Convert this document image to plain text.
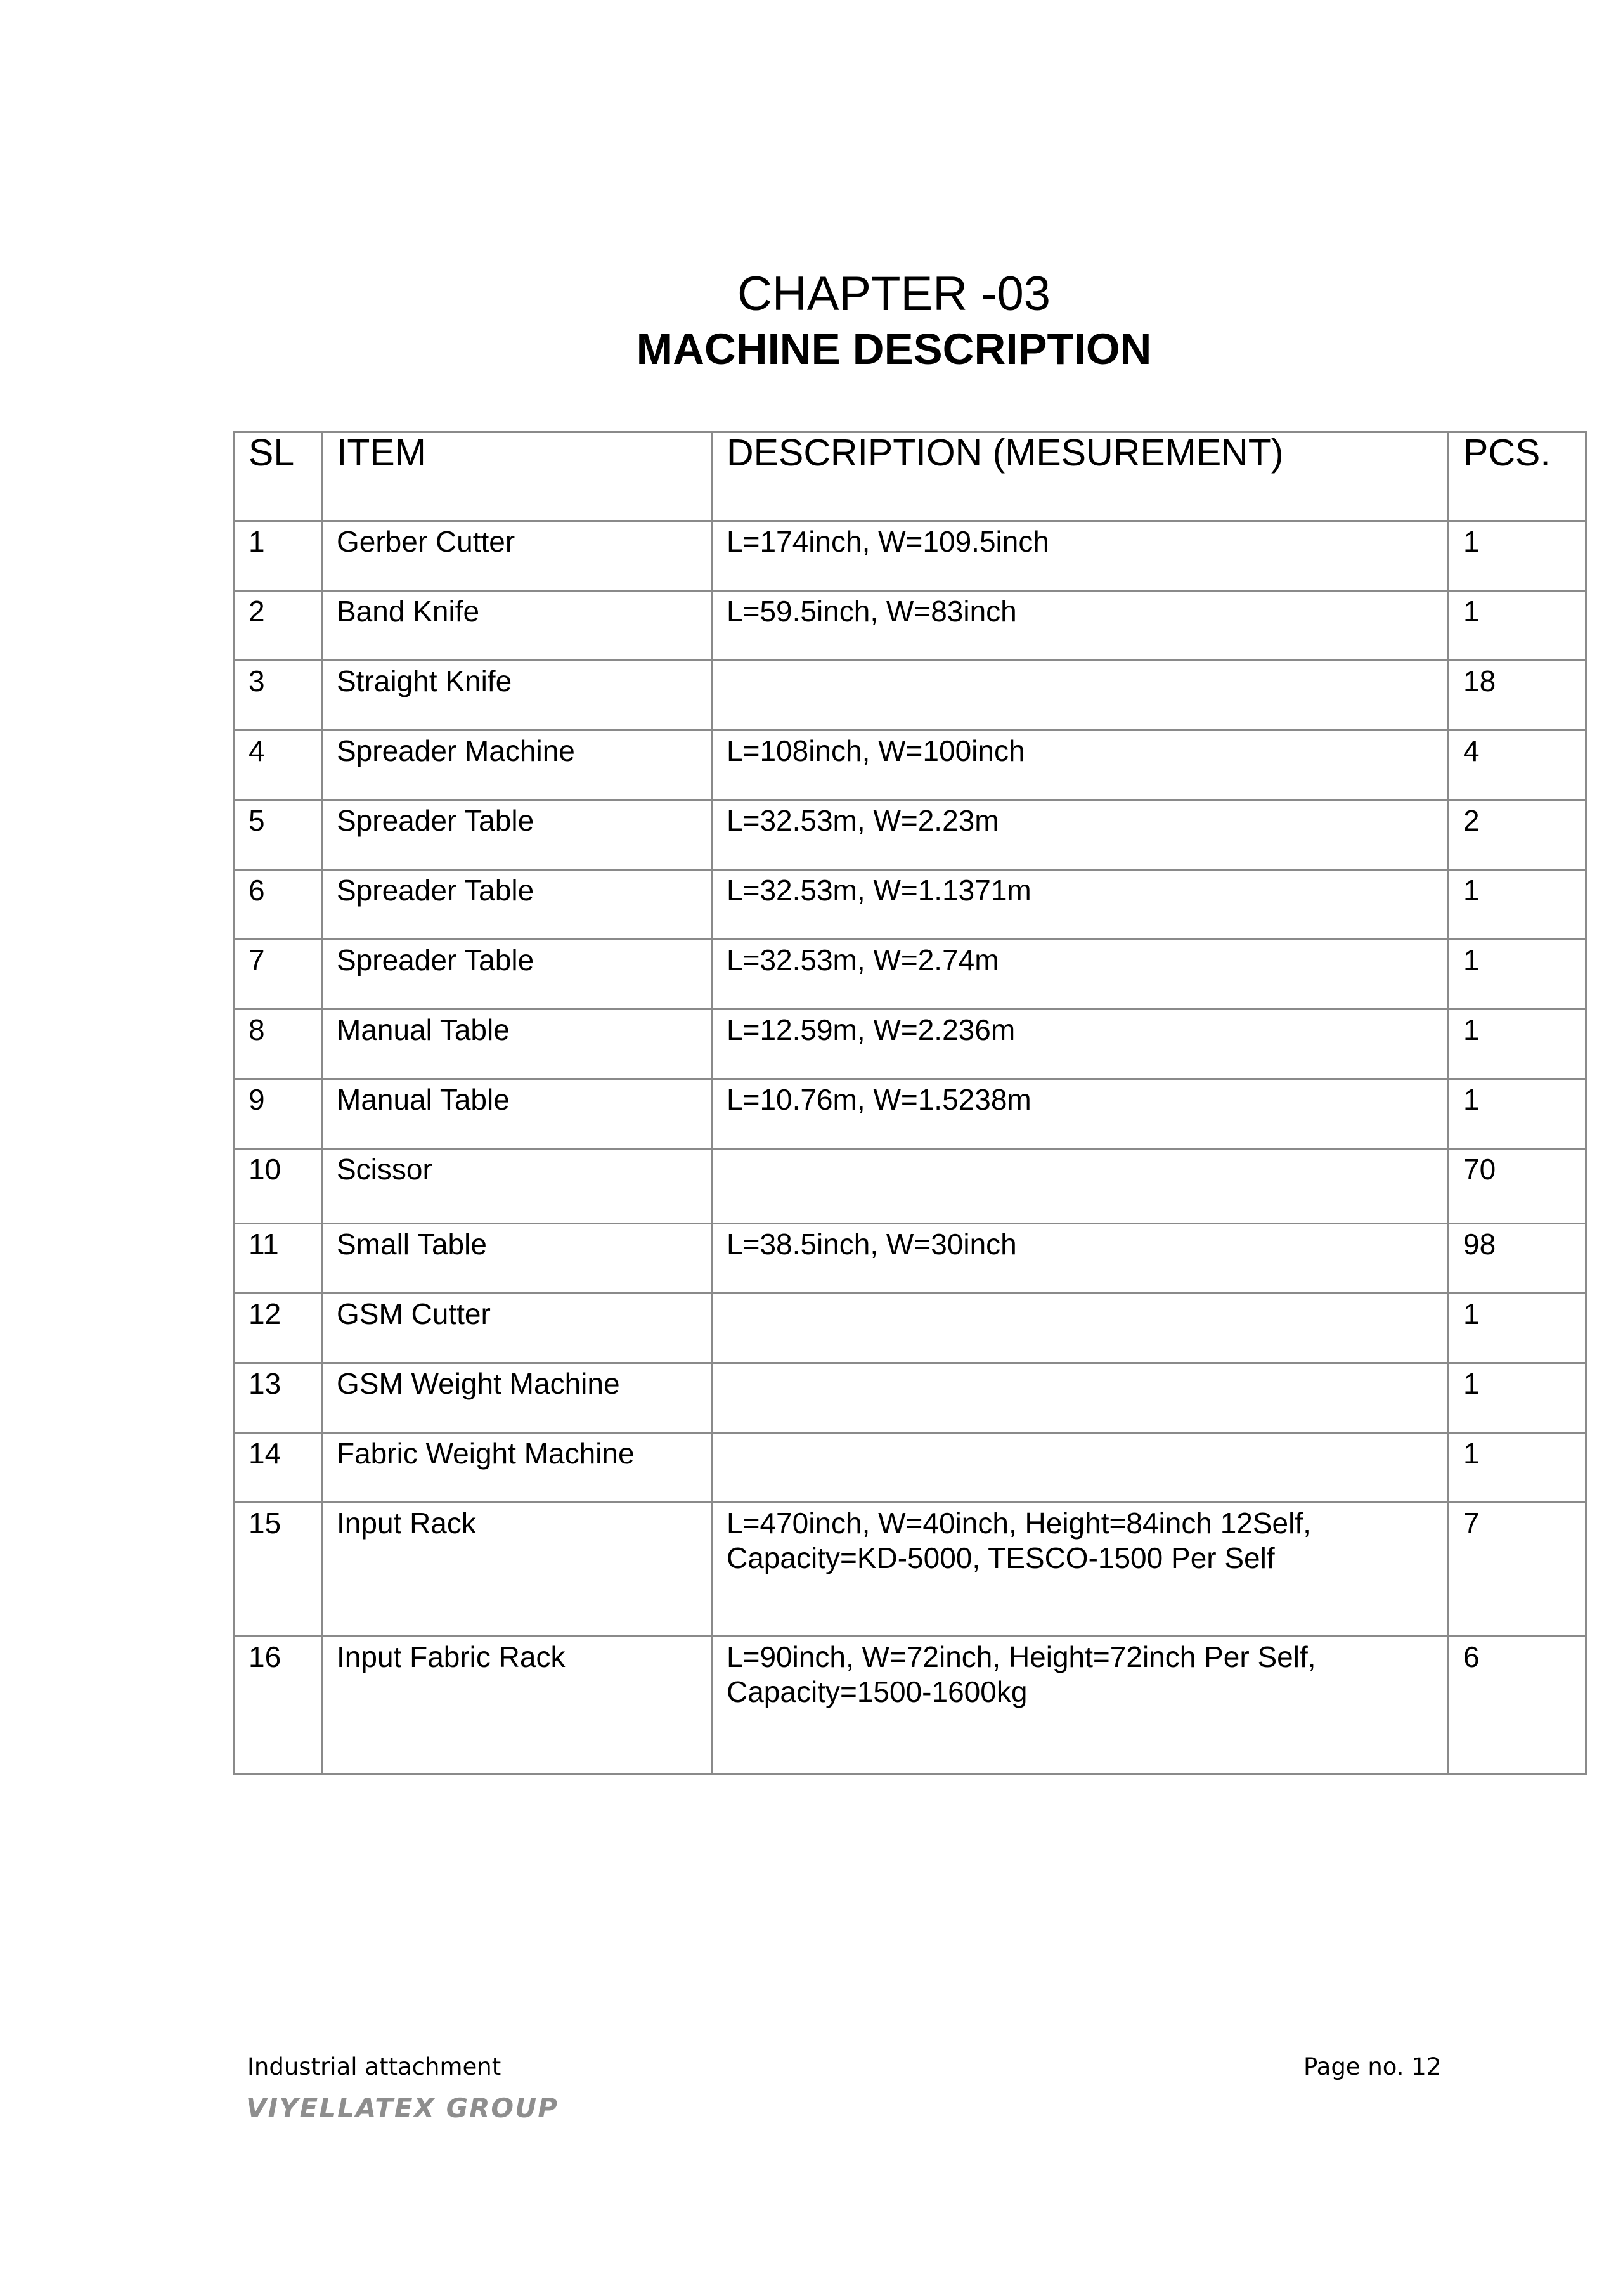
CHAPTER -03
MACHINE DESCRIPTION
SL	ITEM	DESCRIPTION (MESUREMENT)	PCS.
1	Gerber Cutter	L=174inch, W=109.5inch	1
2	Band Knife	L=59.5inch, W=83inch	1
3	Straight Knife		18
4	Spreader Machine	L=108inch, W=100inch	4
5	Spreader Table	L=32.53m, W=2.23m	2
6	Spreader Table	L=32.53m, W=1.1371m	1
7	Spreader Table	L=32.53m, W=2.74m	1
8	Manual Table	L=12.59m, W=2.236m	1
9	Manual Table	L=10.76m, W=1.5238m	1
10	Scissor		70
11	Small Table	L=38.5inch, W=30inch	98
12	GSM Cutter		1
13	GSM Weight Machine		1
14	Fabric Weight Machine		1
15	Input Rack	L=470inch, W=40inch, Height=84inch 12Self, Capacity=KD-5000, TESCO-1500 Per Self	7
16	Input Fabric Rack	L=90inch, W=72inch, Height=72inch Per Self, Capacity=1500-1600kg	6
Industrial attachment	Page no. 12
VIYELLATEX GROUP
